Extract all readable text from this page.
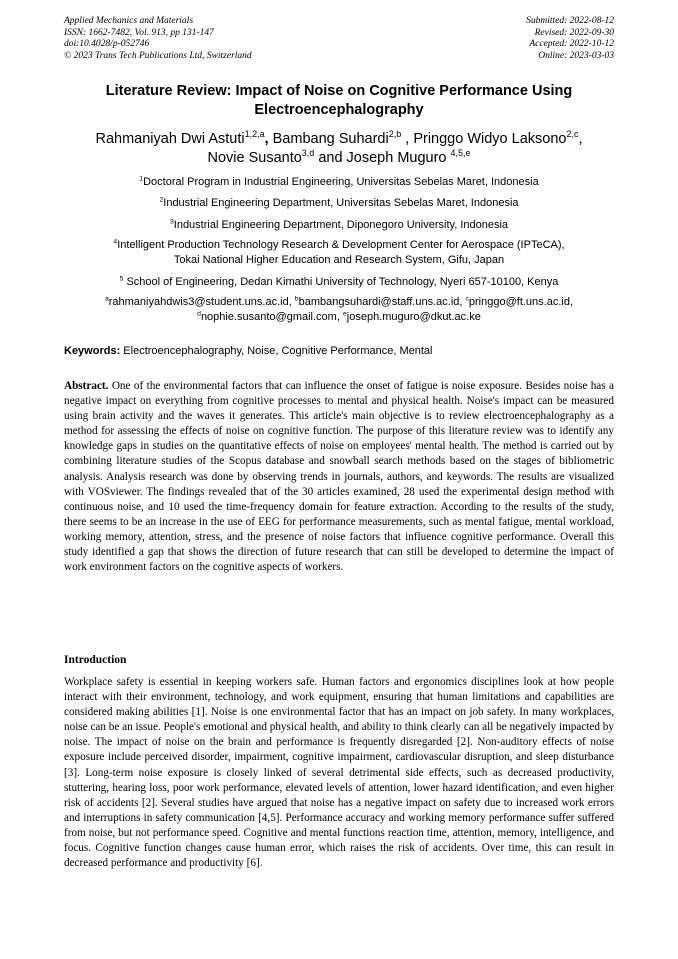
Applied Mechanics and Materials
ISSN: 1662-7482, Vol. 913, pp 131-147
doi:10.4028/p-052746
© 2023 Trans Tech Publications Ltd, Switzerland
Submitted: 2022-08-12
Revised: 2022-09-30
Accepted: 2022-10-12
Online: 2023-03-03
Literature Review: Impact of Noise on Cognitive Performance Using
Electroencephalography
Rahmaniyah Dwi Astuti$^{1,2,a}$, Bambang Suhardi$^{2,b}$ , Pringgo Widyo Laksono$^{2,c}$,
Novie Susanto$^{3,d}$ and Joseph Muguro $^{4,5,e}$
$^1$Doctoral Program in Industrial Engineering, Universitas Sebelas Maret, Indonesia
$^2$Industrial Engineering Department, Universitas Sebelas Maret, Indonesia
$^3$Industrial Engineering Department, Diponegoro University, Indonesia
$^4$Intelligent Production Technology Research & Development Center for Aerospace (IPTeCA),
Tokai National Higher Education and Research System, Gifu, Japan
$^5$ School of Engineering, Dedan Kimathi University of Technology, Nyeri 657-10100, Kenya
$^a$rahmaniyahdwis3@student.uns.ac.id, $^b$bambangsuhardi@staff.uns.ac.id, $^c$pringgo@ft.uns.ac.id,
$^d$nophie.susanto@gmail.com, $^e$joseph.muguro@dkut.ac.ke
Keywords: Electroencephalography, Noise, Cognitive Performance, Mental

Abstract. One of the environmental factors that can influence the onset of fatigue is noise exposure. Besides noise has a negative impact on everything from cognitive processes to mental and physical health. Noise's impact can be measured using brain activity and the waves it generates. This article's main objective is to review electroencephalography as a method for assessing the effects of noise on cognitive function. The purpose of this literature review was to identify any knowledge gaps in studies on the quantitative effects of noise on employees' mental health. The method is carried out by combining literature studies of the Scopus database and snowball search methods based on the stages of bibliometric analysis. Analysis research was done by observing trends in journals, authors, and keywords. The results are visualized with VOSviewer. The findings revealed that of the 30 articles examined, 28 used the experimental design method with continuous noise, and 10 used the time-frequency domain for feature extraction. According to the results of the study, there seems to be an increase in the use of EEG for performance measurements, such as mental fatigue, mental workload, working memory, attention, stress, and the presence of noise factors that influence cognitive performance. Overall this study identified a gap that shows the direction of future research that can still be developed to determine the impact of work environment factors on the cognitive aspects of workers.

Introduction

Workplace safety is essential in keeping workers safe. Human factors and ergonomics disciplines look at how people interact with their environment, technology, and work equipment, ensuring that human limitations and capabilities are considered making abilities [1]. Noise is one environmental factor that has an impact on job safety. In many workplaces, noise can be an issue. People's emotional and physical health, and ability to think clearly can all be negatively impacted by noise. The impact of noise on the brain and performance is frequently disregarded [2]. Non-auditory effects of noise exposure include perceived disorder, impairment, cognitive impairment, cardiovascular disruption, and sleep disturbance [3]. Long-term noise exposure is closely linked of several detrimental side effects, such as decreased productivity, stuttering, hearing loss, poor work performance, elevated levels of attention, lower hazard identification, and even higher risk of accidents [2]. Several studies have argued that noise has a negative impact on safety due to increased work errors and interruptions in safety communication [4,5]. Performance accuracy and working memory performance suffer suffered from noise, but not performance speed. Cognitive and mental functions reaction time, attention, memory, intelligence, and focus. Cognitive function changes cause human error, which raises the risk of accidents. Over time, this can result in decreased performance and productivity [6].
